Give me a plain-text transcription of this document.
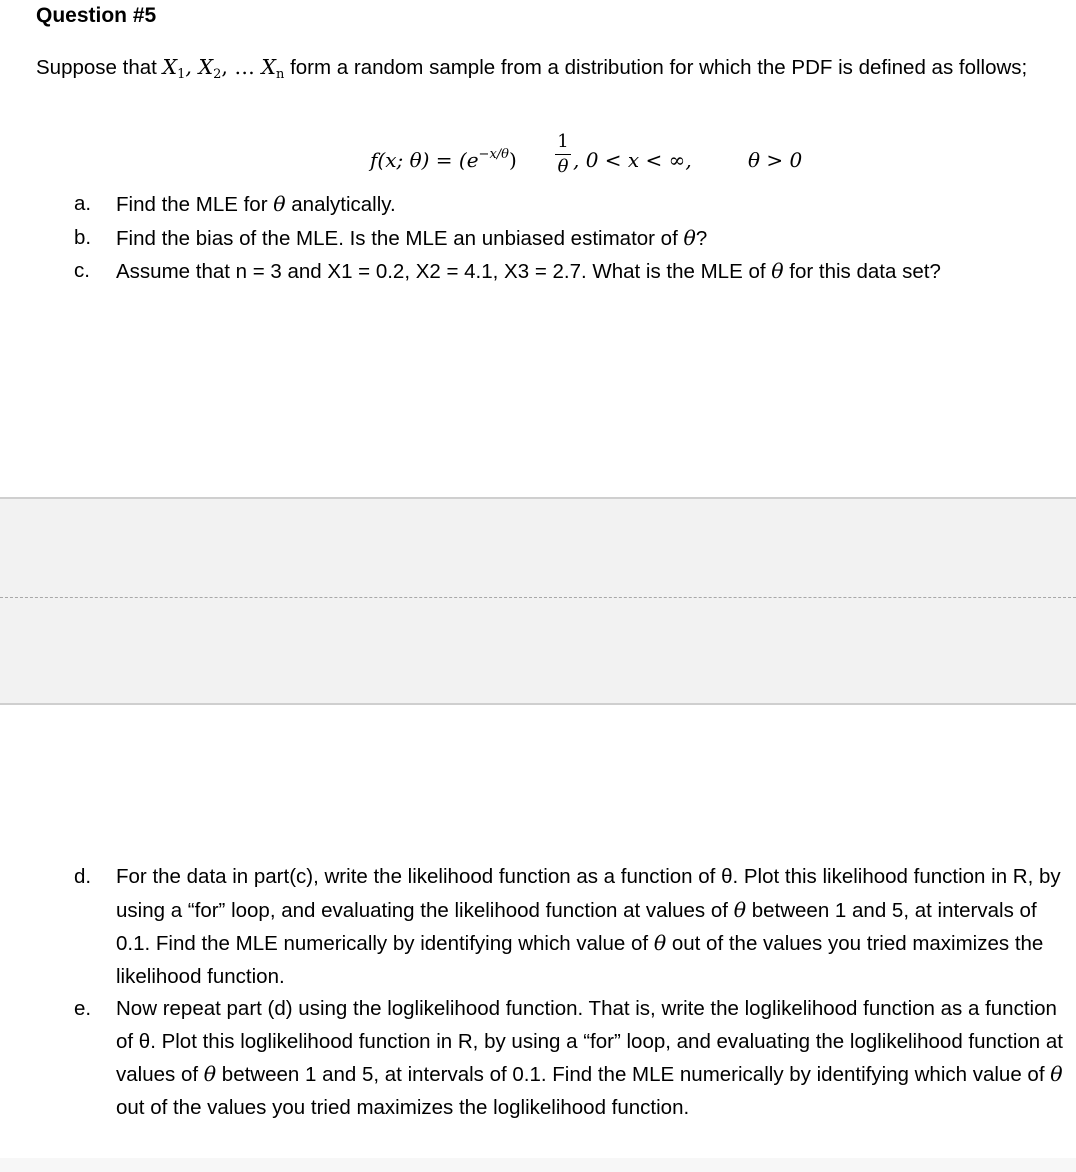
Question #5
Suppose that $X_1$, $X_2$, … $X_n$ form a random sample from a distribution for which the PDF is defined as follows;
f(x; $\theta) = (e^{-x/\theta})$
1
θ , 0 < x < ∞,	θ > 0
a. Find the MLE for θ analytically.
b. Find the bias of the MLE. Is the MLE an unbiased estimator of θ?
c. Assume that n = 3 and X1 = 0.2, X2 = 4.1, X3 = 2.7. What is the MLE of θ for this data set?
d. For the data in part(c), write the likelihood function as a function of θ. Plot this likelihood function in R, by using a “for” loop, and evaluating the likelihood function at values of θ between 1 and 5, at intervals of 0.1. Find the MLE numerically by identifying which value of θ out of the values you tried maximizes the likelihood function.
e. Now repeat part (d) using the loglikelihood function. That is, write the loglikelihood function as a function of θ. Plot this loglikelihood function in R, by using a “for” loop, and evaluating the loglikelihood function at values of θ between 1 and 5, at intervals of 0.1. Find the MLE numerically by identifying which value of θ out of the values you tried maximizes the loglikelihood function.
